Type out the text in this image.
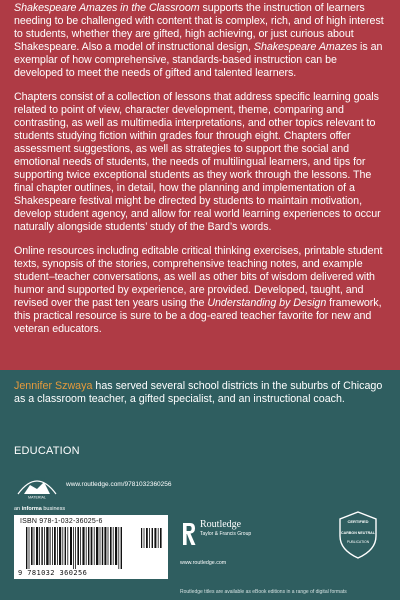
Shakespeare Amazes in the Classroom supports the instruction of learners needing to be challenged with content that is complex, rich, and of high interest to students, whether they are gifted, high achieving, or just curious about Shakespeare. Also a model of instructional design, Shakespeare Amazes is an exemplar of how comprehensive, standards-based instruction can be developed to meet the needs of gifted and talented learners.

Chapters consist of a collection of lessons that address specific learning goals related to point of view, character development, theme, comparing and contrasting, as well as multimedia interpretations, and other topics relevant to students studying fiction within grades four through eight. Chapters offer assessment suggestions, as well as strategies to support the social and emotional needs of students, the needs of multilingual learners, and tips for supporting twice exceptional students as they work through the lessons. The final chapter outlines, in detail, how the planning and implementation of a Shakespeare festival might be directed by students to maintain motivation, develop student agency, and allow for real world learning experiences to occur naturally alongside students’ study of the Bard’s words.

Online resources including editable critical thinking exercises, printable student texts, synopsis of the stories, comprehensive teaching notes, and example student–teacher conversations, as well as other bits of wisdom delivered with humor and supported by experience, are provided. Developed, taught, and revised over the past ten years using the Understanding by Design framework, this practical resource is sure to be a dog-eared teacher favorite for new and veteran educators.

Jennifer Szwaya has served several school districts in the suburbs of Chicago as a classroom teacher, a gifted specialist, and an instructional coach.

EDUCATION

MATERIAL
SUPPORT
www.routledge.com/9781032360256
an informa business
ISBN 978-1-032-36025-6
9 781032 360256
Routledge
Taylor & Francis Group
www.routledge.com
CERTIFIED
CARBON NEUTRAL
PUBLICATION
Routledge titles are available as eBook editions in a range of digital formats
